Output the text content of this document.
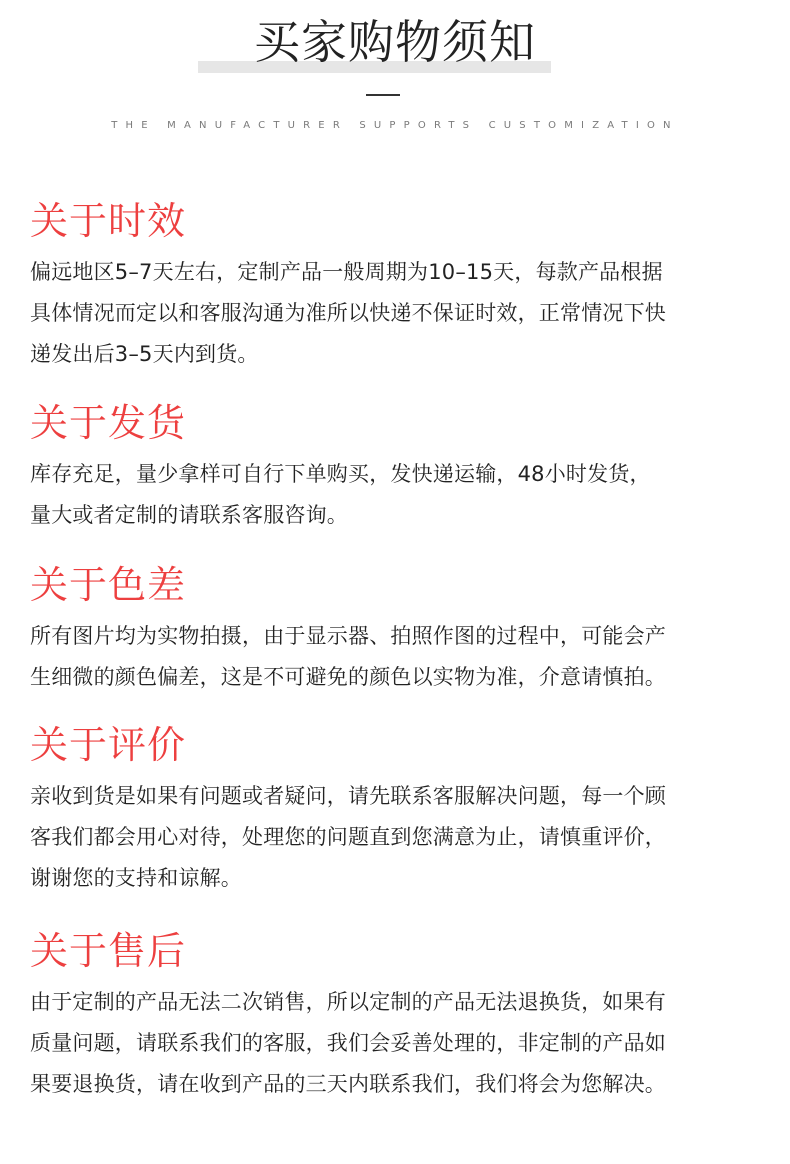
买家购物须知
THE MANUFACTURER SUPPORTS CUSTOMIZATION
关于时效

偏远地区5–7天左右，定制产品一般周期为10–15天，每款产品根据
具体情况而定以和客服沟通为准所以快递不保证时效，正常情况下快
递发出后3–5天内到货。

关于发货

库存充足，量少拿样可自行下单购买，发快递运输，48小时发货，
量大或者定制的请联系客服咨询。

关于色差

所有图片均为实物拍摄，由于显示器、拍照作图的过程中，可能会产
生细微的颜色偏差，这是不可避免的颜色以实物为准，介意请慎拍。

关于评价

亲收到货是如果有问题或者疑问，请先联系客服解决问题，每一个顾
客我们都会用心对待，处理您的问题直到您满意为止，请慎重评价，
谢谢您的支持和谅解。

关于售后

由于定制的产品无法二次销售，所以定制的产品无法退换货，如果有
质量问题，请联系我们的客服，我们会妥善处理的，非定制的产品如
果要退换货，请在收到产品的三天内联系我们，我们将会为您解决。
